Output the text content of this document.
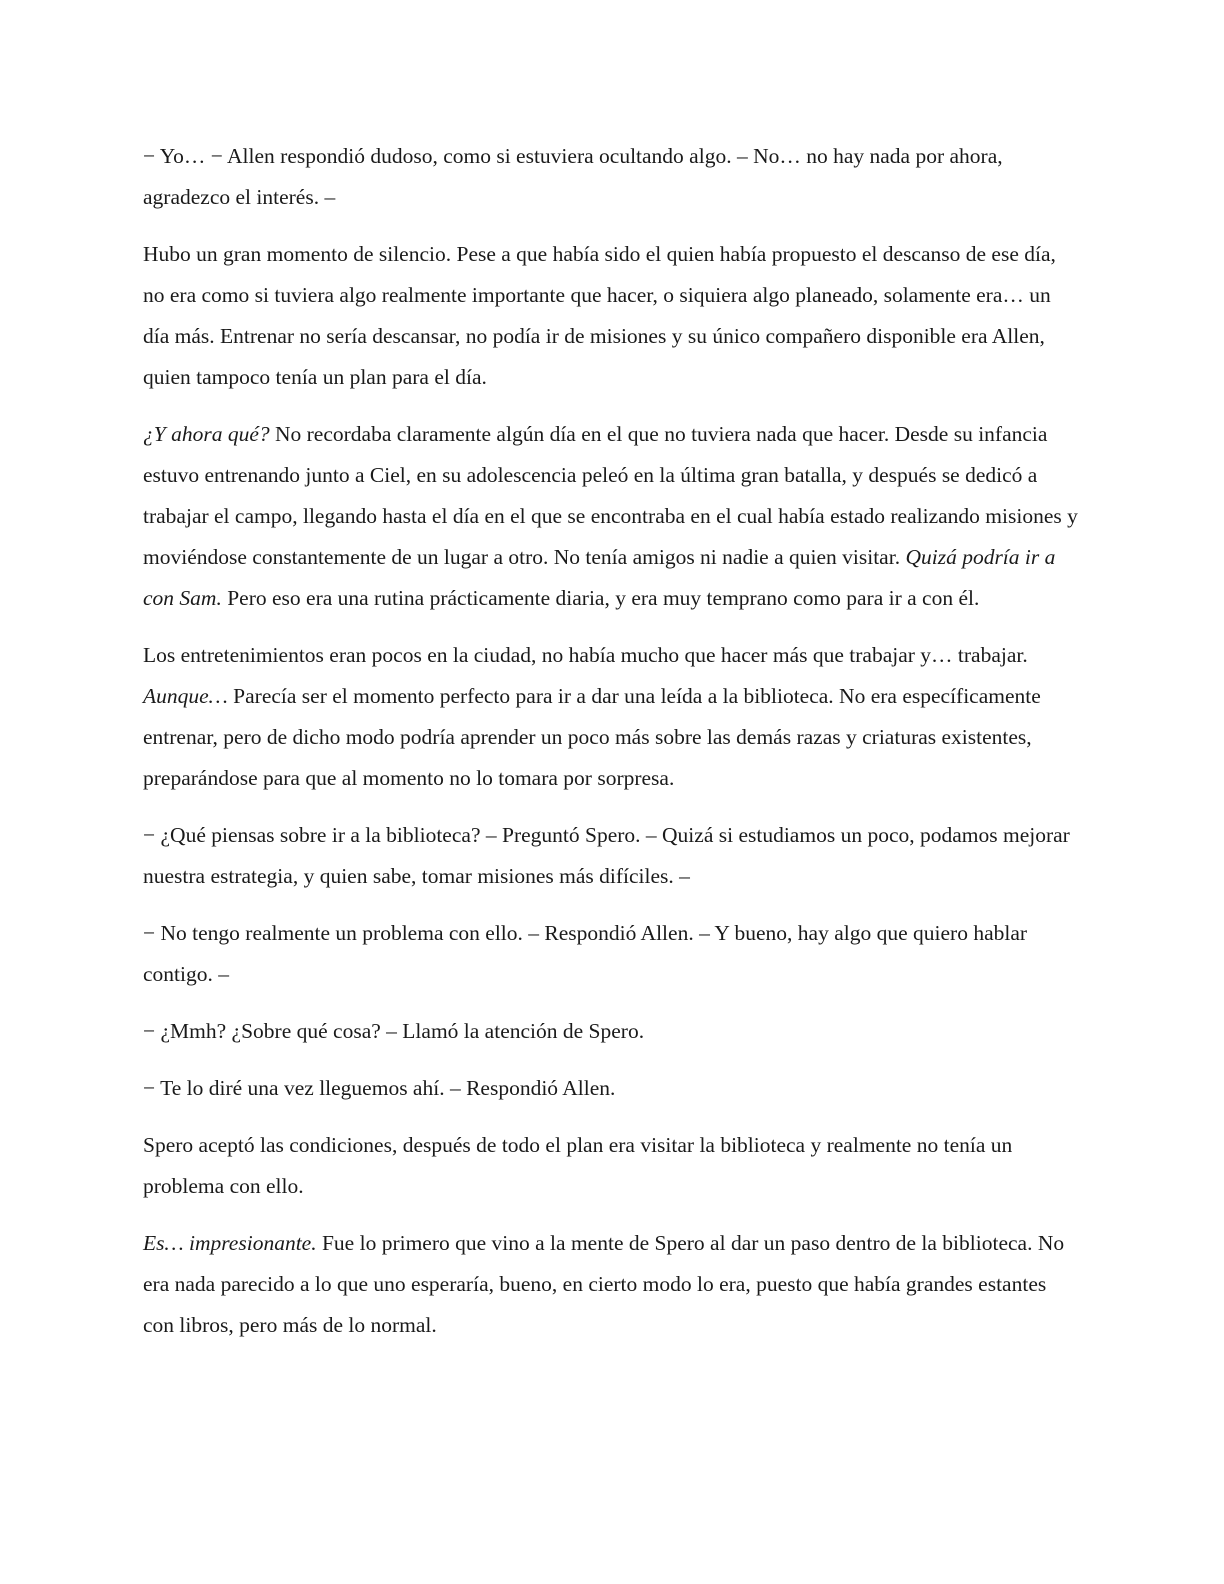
− Yo… − Allen respondió dudoso, como si estuviera ocultando algo. – No… no hay nada por ahora, agradezco el interés. –

Hubo un gran momento de silencio. Pese a que había sido el quien había propuesto el descanso de ese día, no era como si tuviera algo realmente importante que hacer, o siquiera algo planeado, solamente era… un día más. Entrenar no sería descansar, no podía ir de misiones y su único compañero disponible era Allen, quien tampoco tenía un plan para el día.

¿Y ahora qué? No recordaba claramente algún día en el que no tuviera nada que hacer. Desde su infancia estuvo entrenando junto a Ciel, en su adolescencia peleó en la última gran batalla, y después se dedicó a trabajar el campo, llegando hasta el día en el que se encontraba en el cual había estado realizando misiones y moviéndose constantemente de un lugar a otro. No tenía amigos ni nadie a quien visitar. Quizá podría ir a con Sam. Pero eso era una rutina prácticamente diaria, y era muy temprano como para ir a con él.

Los entretenimientos eran pocos en la ciudad, no había mucho que hacer más que trabajar y… trabajar. Aunque… Parecía ser el momento perfecto para ir a dar una leída a la biblioteca. No era específicamente entrenar, pero de dicho modo podría aprender un poco más sobre las demás razas y criaturas existentes, preparándose para que al momento no lo tomara por sorpresa.

− ¿Qué piensas sobre ir a la biblioteca? – Preguntó Spero. – Quizá si estudiamos un poco, podamos mejorar nuestra estrategia, y quien sabe, tomar misiones más difíciles. –

− No tengo realmente un problema con ello. – Respondió Allen. – Y bueno, hay algo que quiero hablar contigo. –

− ¿Mmh? ¿Sobre qué cosa? – Llamó la atención de Spero.

− Te lo diré una vez lleguemos ahí. – Respondió Allen.

Spero aceptó las condiciones, después de todo el plan era visitar la biblioteca y realmente no tenía un problema con ello.

Es… impresionante. Fue lo primero que vino a la mente de Spero al dar un paso dentro de la biblioteca. No era nada parecido a lo que uno esperaría, bueno, en cierto modo lo era, puesto que había grandes estantes con libros, pero más de lo normal.
